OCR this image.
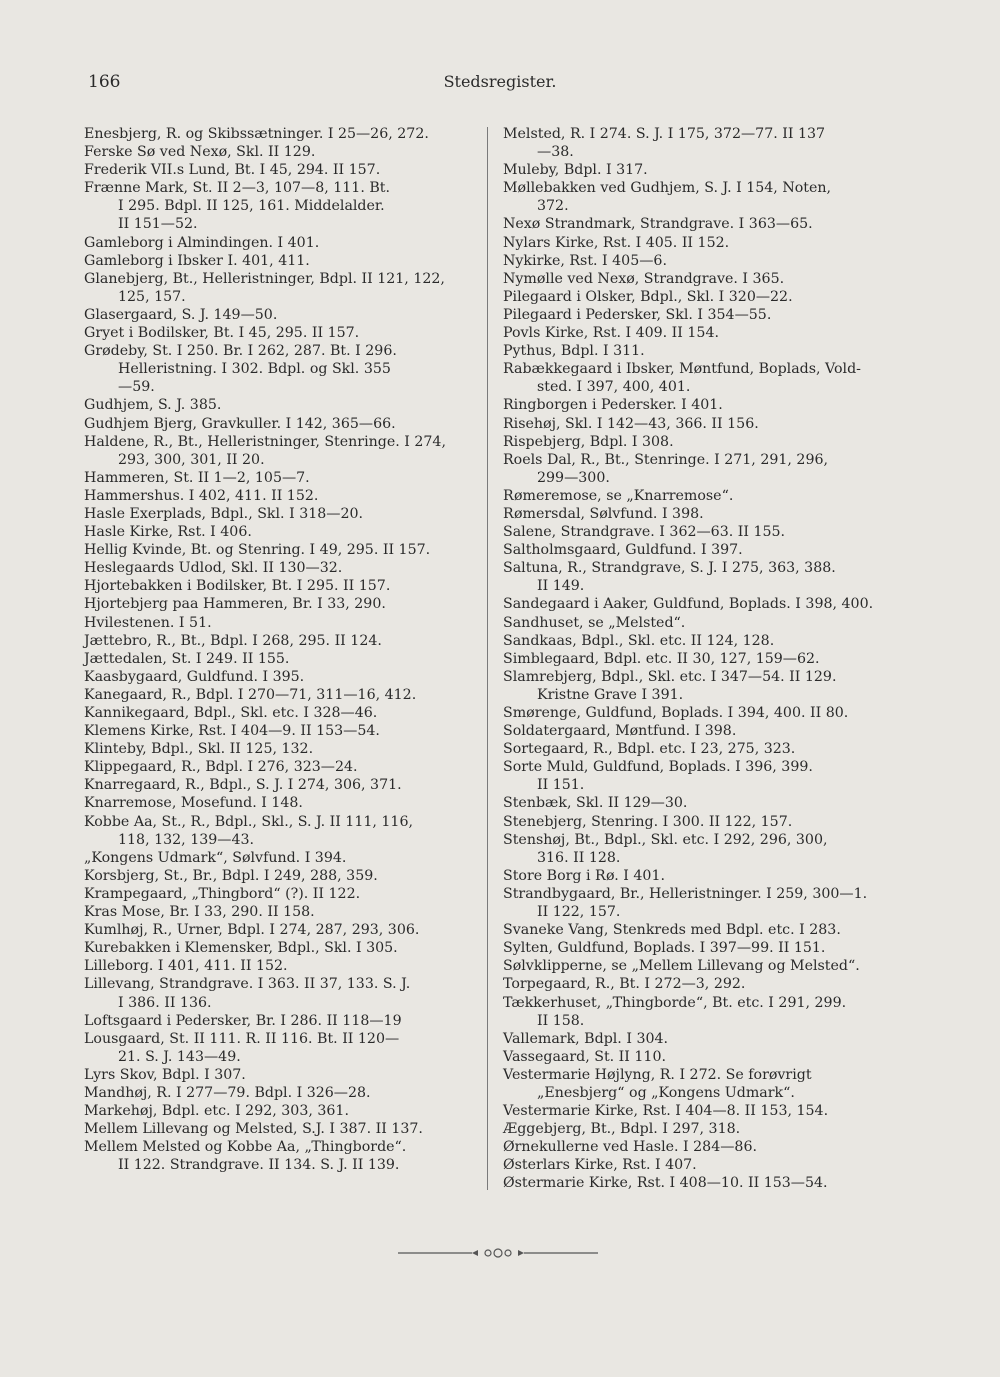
166	Stedsregister.

Enesbjerg, R. og Skibssætninger. I 25—26, 272.

Ferske Sø ved Nexø, Skl. II 129.

Frederik VII.s Lund, Bt. I 45, 294. II 157.

Frænne Mark, St. II 2—3, 107—8, 111. Bt.

I 295. Bdpl. II 125, 161. Middelalder.
II 151—52.

Gamleborg i Almindingen. I 401.

Gamleborg i Ibsker I. 401, 411.

Glanebjerg, Bt., Helleristninger, Bdpl. II 121, 122,

125, 157.

Glasergaard, S. J. 149—50.

Gryet i Bodilsker, Bt. I 45, 295. II 157.

Grødeby, St. I 250. Br. I 262, 287. Bt. I 296.

Helleristning. I 302. Bdpl. og Skl. 355
—59.

Gudhjem, S. J. 385.

Gudhjem Bjerg, Gravkuller. I 142, 365—66.

Haldene, R., Bt., Helleristninger, Stenringe. I 274,

293, 300, 301, II 20.

Hammeren, St. II 1—2, 105—7.

Hammershus. I 402, 411. II 152.

Hasle Exerplads, Bdpl., Skl. I 318—20.

Hasle Kirke, Rst. I 406.

Hellig Kvinde, Bt. og Stenring. I 49, 295. II 157.

Heslegaards Udlod, Skl. II 130—32.

Hjortebakken i Bodilsker, Bt. I 295. II 157.

Hjortebjerg paa Hammeren, Br. I 33, 290.

Hvilestenen. I 51.

Jættebro, R., Bt., Bdpl. I 268, 295. II 124.

Jættedalen, St. I 249. II 155.

Kaasbygaard, Guldfund. I 395.

Kanegaard, R., Bdpl. I 270—71, 311—16, 412.

Kannikegaard, Bdpl., Skl. etc. I 328—46.

Klemens Kirke, Rst. I 404—9. II 153—54.

Klinteby, Bdpl., Skl. II 125, 132.

Klippegaard, R., Bdpl. I 276, 323—24.

Knarregaard, R., Bdpl., S. J. I 274, 306, 371.

Knarremose, Mosefund. I 148.

Kobbe Aa, St., R., Bdpl., Skl., S. J. II 111, 116,

118, 132, 139—43.

„Kongens Udmark“, Sølvfund. I 394.

Korsbjerg, St., Br., Bdpl. I 249, 288, 359.

Krampegaard, „Thingbord“ (?). II 122.

Kras Mose, Br. I 33, 290. II 158.

Kumlhøj, R., Urner, Bdpl. I 274, 287, 293, 306.

Kurebakken i Klemensker, Bdpl., Skl. I 305.

Lilleborg. I 401, 411. II 152.

Lillevang, Strandgrave. I 363. II 37, 133. S. J.

I 386. II 136.

Loftsgaard i Pedersker, Br. I 286. II 118—19

Lousgaard, St. II 111. R. II 116. Bt. II 120—

21. S. J. 143—49.

Lyrs Skov, Bdpl. I 307.

Mandhøj, R. I 277—79. Bdpl. I 326—28.

Markehøj, Bdpl. etc. I 292, 303, 361.

Mellem Lillevang og Melsted, S.J. I 387. II 137.

Mellem Melsted og Kobbe Aa, „Thingborde“.

II 122. Strandgrave. II 134. S. J. II 139.

Melsted, R. I 274. S. J. I 175, 372—77. II 137

—38.

Muleby, Bdpl. I 317.

Møllebakken ved Gudhjem, S. J. I 154, Noten,

372.

Nexø Strandmark, Strandgrave. I 363—65.

Nylars Kirke, Rst. I 405. II 152.

Nykirke, Rst. I 405—6.

Nymølle ved Nexø, Strandgrave. I 365.

Pilegaard i Olsker, Bdpl., Skl. I 320—22.

Pilegaard i Pedersker, Skl. I 354—55.

Povls Kirke, Rst. I 409. II 154.

Pythus, Bdpl. I 311.

Rabækkegaard i Ibsker, Møntfund, Boplads, Vold-

sted. I 397, 400, 401.

Ringborgen i Pedersker. I 401.

Risehøj, Skl. I 142—43, 366. II 156.

Rispebjerg, Bdpl. I 308.

Roels Dal, R., Bt., Stenringe. I 271, 291, 296,

299—300.

Rømeremose, se „Knarremose“.

Rømersdal, Sølvfund. I 398.

Salene, Strandgrave. I 362—63. II 155.

Saltholmsgaard, Guldfund. I 397.

Saltuna, R., Strandgrave, S. J. I 275, 363, 388.

II 149.

Sandegaard i Aaker, Guldfund, Boplads. I 398, 400.

Sandhuset, se „Melsted“.

Sandkaas, Bdpl., Skl. etc. II 124, 128.

Simblegaard, Bdpl. etc. II 30, 127, 159—62.

Slamrebjerg, Bdpl., Skl. etc. I 347—54. II 129.

Kristne Grave I 391.

Smørenge, Guldfund, Boplads. I 394, 400. II 80.

Soldatergaard, Møntfund. I 398.

Sortegaard, R., Bdpl. etc. I 23, 275, 323.

Sorte Muld, Guldfund, Boplads. I 396, 399.

II 151.

Stenbæk, Skl. II 129—30.

Stenebjerg, Stenring. I 300. II 122, 157.

Stenshøj, Bt., Bdpl., Skl. etc. I 292, 296, 300,

316. II 128.

Store Borg i Rø. I 401.

Strandbygaard, Br., Helleristninger. I 259, 300—1.

II 122, 157.

Svaneke Vang, Stenkreds med Bdpl. etc. I 283.

Sylten, Guldfund, Boplads. I 397—99. II 151.

Sølvklipperne, se „Mellem Lillevang og Melsted“.

Torpegaard, R., Bt. I 272—3, 292.

Tækkerhuset, „Thingborde“, Bt. etc. I 291, 299.

II 158.

Vallemark, Bdpl. I 304.

Vassegaard, St. II 110.

Vestermarie Højlyng, R. I 272. Se forøvrigt

„Enesbjerg“ og „Kongens Udmark“.

Vestermarie Kirke, Rst. I 404—8. II 153, 154.

Æggebjerg, Bt., Bdpl. I 297, 318.

Ørnekullerne ved Hasle. I 284—86.

Østerlars Kirke, Rst. I 407.

Østermarie Kirke, Rst. I 408—10. II 153—54.
